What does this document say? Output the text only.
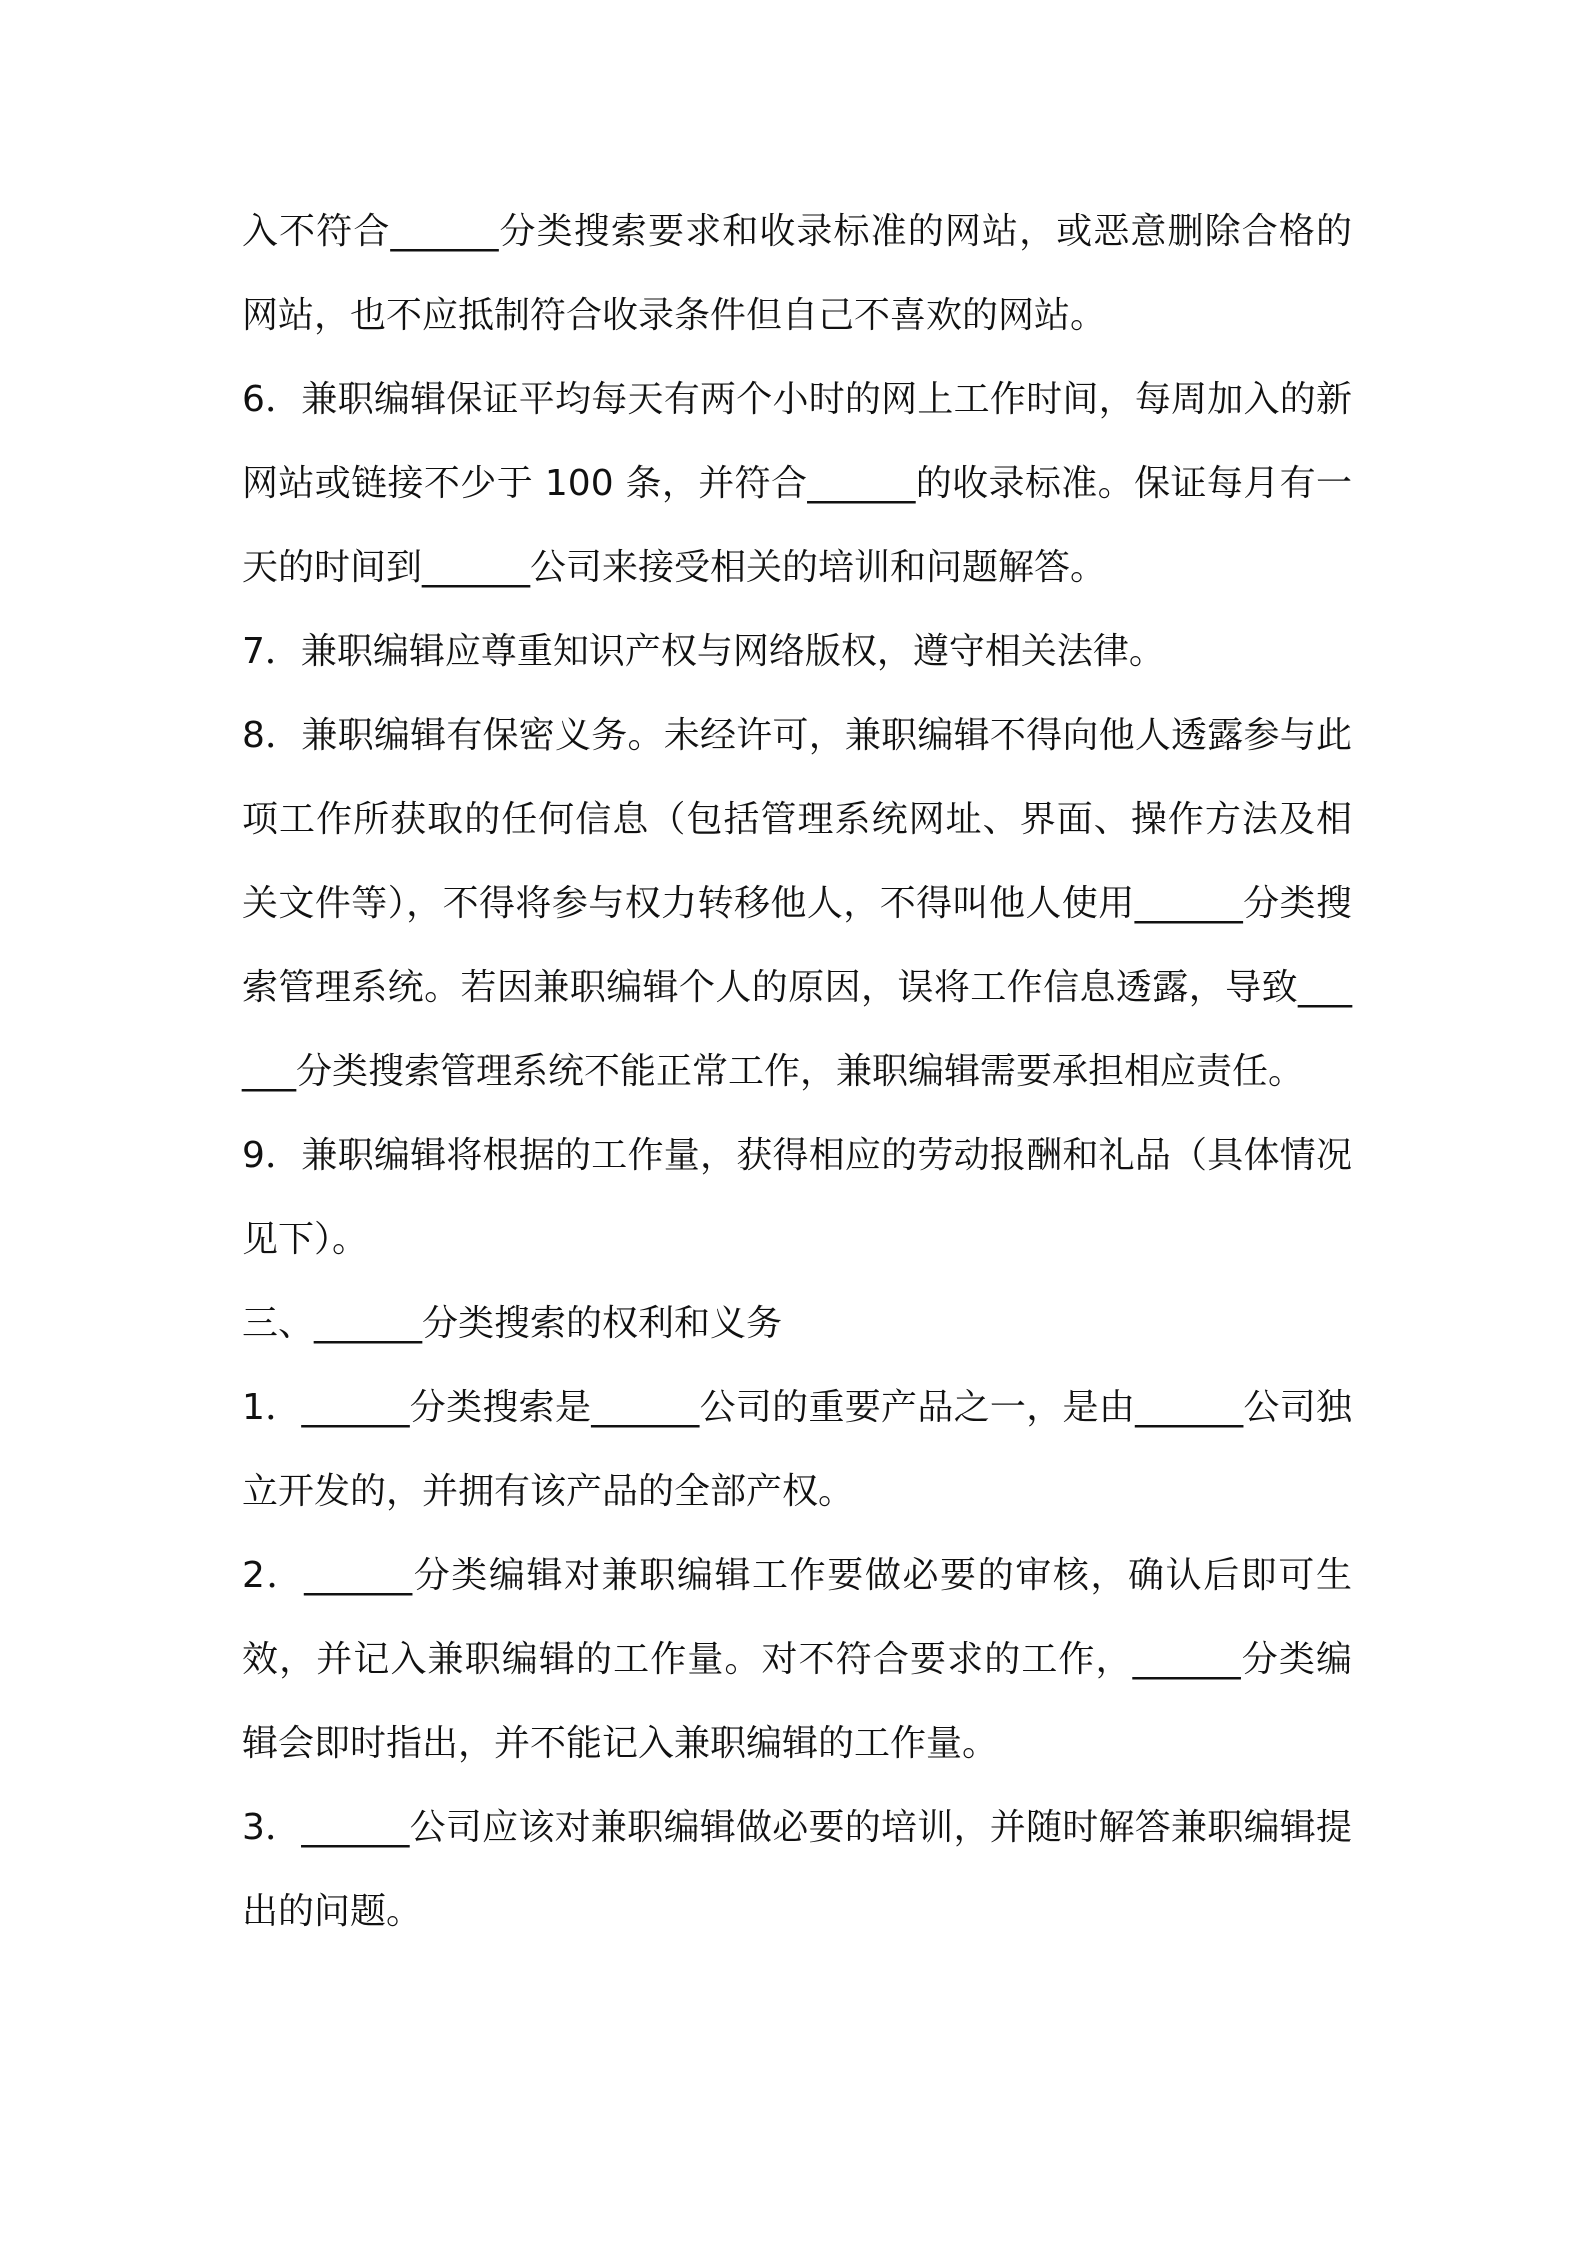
入不符合______分类搜索要求和收录标准的网站，或恶意删除合格的网站，也不应抵制符合收录条件但自己不喜欢的网站。

6．兼职编辑保证平均每天有两个小时的网上工作时间，每周加入的新网站或链接不少于 100 条，并符合______的收录标准。保证每月有一天的时间到______公司来接受相关的培训和问题解答。

7．兼职编辑应尊重知识产权与网络版权，遵守相关法律。

8．兼职编辑有保密义务。未经许可，兼职编辑不得向他人透露参与此项工作所获取的任何信息（包括管理系统网址、界面、操作方法及相关文件等），不得将参与权力转移他人，不得叫他人使用______分类搜索管理系统。若因兼职编辑个人的原因，误将工作信息透露，导致______分类搜索管理系统不能正常工作，兼职编辑需要承担相应责任。

9．兼职编辑将根据的工作量，获得相应的劳动报酬和礼品（具体情况见下）。

三、______分类搜索的权利和义务

1．______分类搜索是______公司的重要产品之一，是由______公司独立开发的，并拥有该产品的全部产权。

2．______分类编辑对兼职编辑工作要做必要的审核，确认后即可生效，并记入兼职编辑的工作量。对不符合要求的工作，______分类编辑会即时指出，并不能记入兼职编辑的工作量。

3．______公司应该对兼职编辑做必要的培训，并随时解答兼职编辑提出的问题。
